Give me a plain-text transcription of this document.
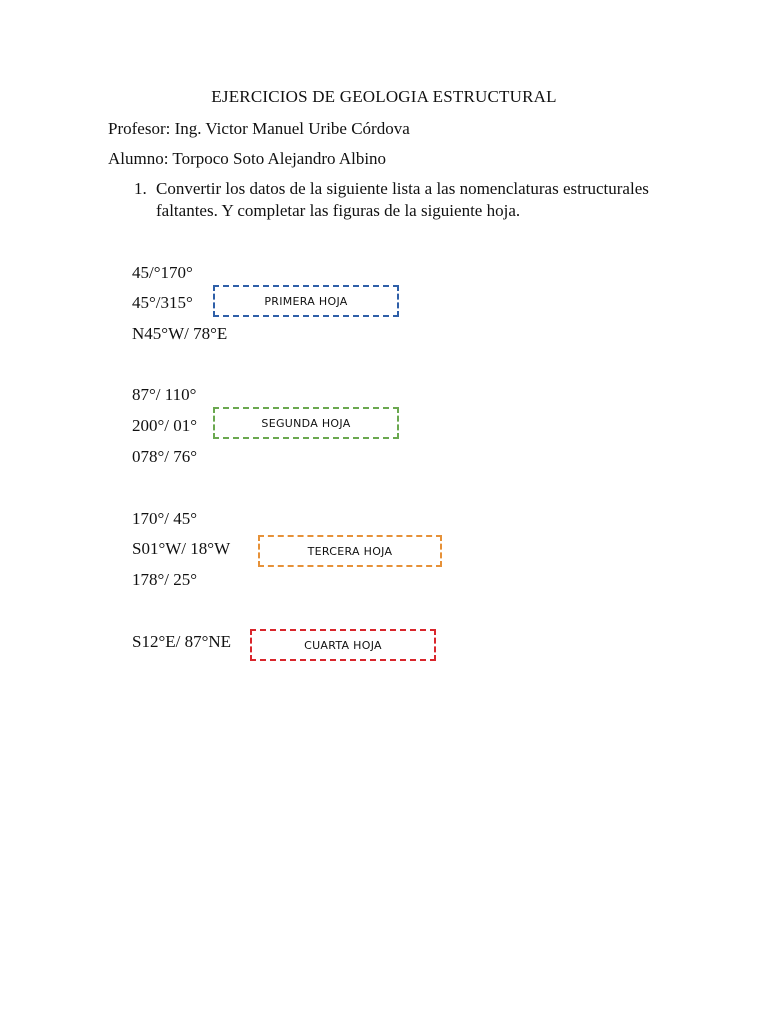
EJERCICIOS DE GEOLOGIA ESTRUCTURAL
Profesor: Ing. Victor Manuel Uribe Córdova
Alumno: Torpoco Soto Alejandro Albino
1. Convertir los datos de la siguiente lista a las nomenclaturas estructurales faltantes. Y completar las figuras de la siguiente hoja.
45/°170°
45°/315°
N45°W/ 78°E
PRIMERA HOJA
87°/ 110°
200°/ 01°
078°/ 76°
SEGUNDA HOJA
170°/ 45°
S01°W/ 18°W
178°/ 25°
TERCERA HOJA
S12°E/ 87°NE	CUARTA HOJA
